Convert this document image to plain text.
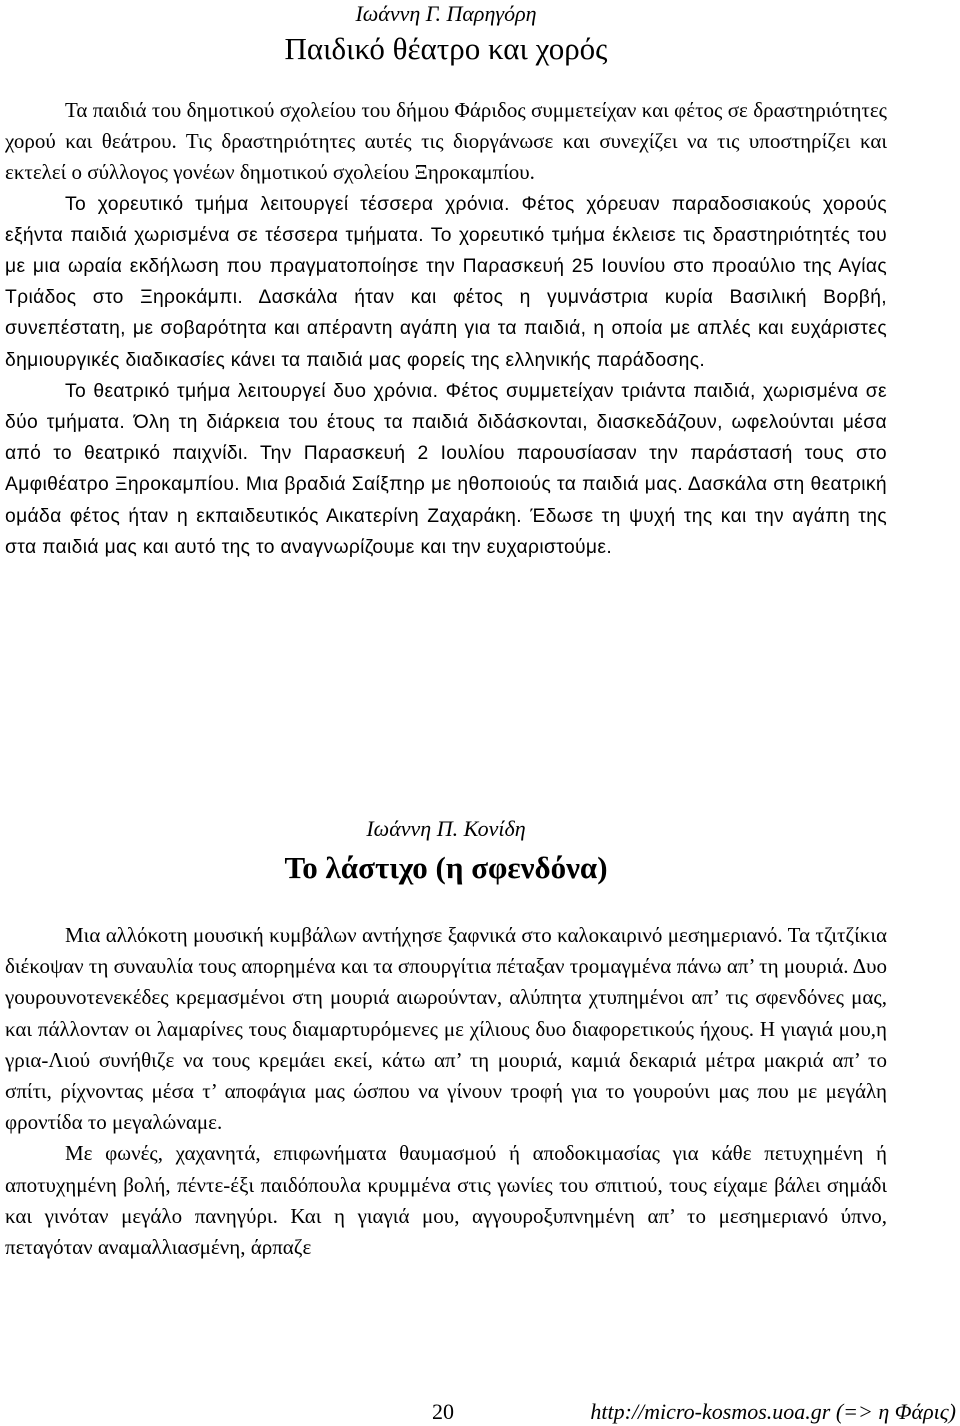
Ιωάννη Γ. Παρηγόρη

Παιδικό θέατρο και χορός

Τα παιδιά του δημοτικού σχολείου του δήμου Φάριδος συμμετείχαν και φέτος σε δραστηριότητες χορού και θεάτρου. Τις δραστηριότητες αυτές τις διοργάνωσε και συνεχίζει να τις υποστηρίζει και εκτελεί ο σύλλογος γονέων δημοτικού σχολείου Ξηροκαμπίου.

Το χορευτικό τμήμα λειτουργεί τέσσερα χρόνια. Φέτος χόρευαν παραδοσιακούς χορούς εξήντα παιδιά χωρισμένα σε τέσσερα τμήματα. Το χορευτικό τμήμα έκλεισε τις δραστηριότητές του με μια ωραία εκδήλωση που πραγματοποίησε την Παρασκευή 25 Ιουνίου στο προαύλιο της Αγίας Τριάδος στο Ξηροκάμπι. Δασκάλα ήταν και φέτος η γυμνάστρια κυρία Βασιλική Βορβή, συνεπέστατη, με σοβαρότητα και απέραντη αγάπη για τα παιδιά, η οποία με απλές και ευχάριστες δημιουργικές διαδικασίες κάνει τα παιδιά μας φορείς της ελληνικής παράδοσης.

Το θεατρικό τμήμα λειτουργεί δυο χρόνια. Φέτος συμμετείχαν τριάντα παιδιά, χωρισμένα σε δύο τμήματα. Όλη τη διάρκεια του έτους τα παιδιά διδάσκονται, διασκεδάζουν, ωφελούνται μέσα από το θεατρικό παιχνίδι. Την Παρασκευή 2 Ιουλίου παρουσίασαν την παράστασή τους στο Αμφιθέατρο Ξηροκαμπίου. Μια βραδιά Σαίξπηρ με ηθοποιούς τα παιδιά μας. Δασκάλα στη θεατρική ομάδα φέτος ήταν η εκπαιδευτικός Αικατερίνη Ζαχαράκη. Έδωσε τη ψυχή της και την αγάπη της στα παιδιά μας και αυτό της το αναγνωρίζουμε και την ευχαριστούμε.

Ιωάννη Π. Κονίδη

Το λάστιχο (η σφενδόνα)

Μια αλλόκοτη μουσική κυμβάλων αντήχησε ξαφνικά στο καλοκαιρινό μεσημεριανό. Τα τζιτζίκια διέκοψαν τη συναυλία τους απορημένα και τα σπουργίτια πέταξαν τρομαγμένα πάνω απ’ τη μουριά. Δυο γουρουνοτενεκέδες κρεμασμένοι στη μουριά αιωρούνταν, αλύπητα χτυπημένοι απ’ τις σφενδόνες μας, και πάλλονταν οι λαμαρίνες τους διαμαρτυρόμενες με χίλιους δυο διαφορετικούς ήχους. Η γιαγιά μου,η γρια-Λιού συνήθιζε να τους κρεμάει εκεί, κάτω απ’ τη μουριά, καμιά δεκαριά μέτρα μακριά απ’ το σπίτι, ρίχνοντας μέσα τ’ αποφάγια μας ώσπου να γίνουν τροφή για το γουρούνι μας που με μεγάλη φροντίδα το μεγαλώναμε.

Με φωνές, χαχανητά, επιφωνήματα θαυμασμού ή αποδοκιμασίας για κάθε πετυχημένη ή αποτυχημένη βολή, πέντε-έξι παιδόπουλα κρυμμένα στις γωνίες του σπιτιού, τους είχαμε βάλει σημάδι και γινόταν μεγάλο πανηγύρι. Και η γιαγιά μου, αγγουροξυπνημένη απ’ το μεσημεριανό ύπνο, πεταγόταν αναμαλλιασμένη, άρπαζε

20	http://micro-kosmos.uoa.gr (=> η Φάρις)
